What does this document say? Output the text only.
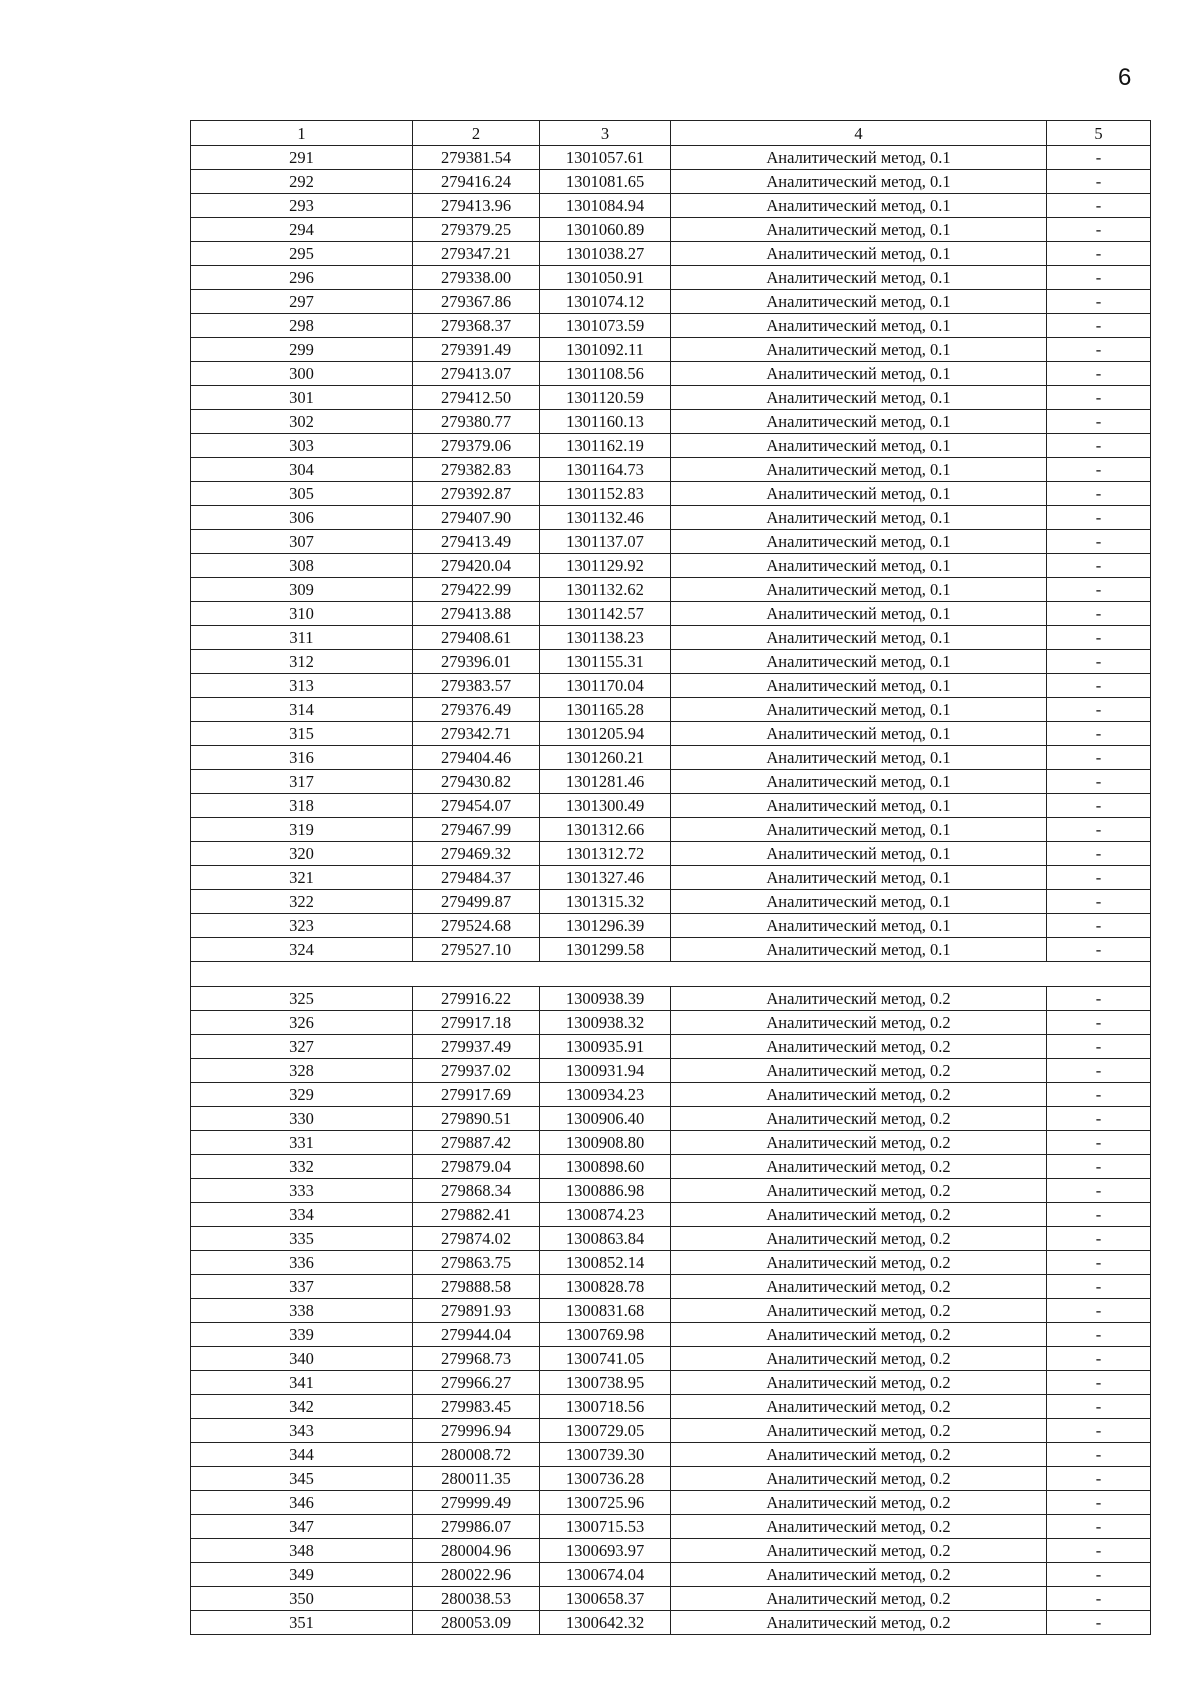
6
1	2	3	4	5
291	279381.54	1301057.61	Аналитический метод, 0.1	-
292	279416.24	1301081.65	Аналитический метод, 0.1	-
293	279413.96	1301084.94	Аналитический метод, 0.1	-
294	279379.25	1301060.89	Аналитический метод, 0.1	-
295	279347.21	1301038.27	Аналитический метод, 0.1	-
296	279338.00	1301050.91	Аналитический метод, 0.1	-
297	279367.86	1301074.12	Аналитический метод, 0.1	-
298	279368.37	1301073.59	Аналитический метод, 0.1	-
299	279391.49	1301092.11	Аналитический метод, 0.1	-
300	279413.07	1301108.56	Аналитический метод, 0.1	-
301	279412.50	1301120.59	Аналитический метод, 0.1	-
302	279380.77	1301160.13	Аналитический метод, 0.1	-
303	279379.06	1301162.19	Аналитический метод, 0.1	-
304	279382.83	1301164.73	Аналитический метод, 0.1	-
305	279392.87	1301152.83	Аналитический метод, 0.1	-
306	279407.90	1301132.46	Аналитический метод, 0.1	-
307	279413.49	1301137.07	Аналитический метод, 0.1	-
308	279420.04	1301129.92	Аналитический метод, 0.1	-
309	279422.99	1301132.62	Аналитический метод, 0.1	-
310	279413.88	1301142.57	Аналитический метод, 0.1	-
311	279408.61	1301138.23	Аналитический метод, 0.1	-
312	279396.01	1301155.31	Аналитический метод, 0.1	-
313	279383.57	1301170.04	Аналитический метод, 0.1	-
314	279376.49	1301165.28	Аналитический метод, 0.1	-
315	279342.71	1301205.94	Аналитический метод, 0.1	-
316	279404.46	1301260.21	Аналитический метод, 0.1	-
317	279430.82	1301281.46	Аналитический метод, 0.1	-
318	279454.07	1301300.49	Аналитический метод, 0.1	-
319	279467.99	1301312.66	Аналитический метод, 0.1	-
320	279469.32	1301312.72	Аналитический метод, 0.1	-
321	279484.37	1301327.46	Аналитический метод, 0.1	-
322	279499.87	1301315.32	Аналитический метод, 0.1	-
323	279524.68	1301296.39	Аналитический метод, 0.1	-
324	279527.10	1301299.58	Аналитический метод, 0.1	-

325	279916.22	1300938.39	Аналитический метод, 0.2	-
326	279917.18	1300938.32	Аналитический метод, 0.2	-
327	279937.49	1300935.91	Аналитический метод, 0.2	-
328	279937.02	1300931.94	Аналитический метод, 0.2	-
329	279917.69	1300934.23	Аналитический метод, 0.2	-
330	279890.51	1300906.40	Аналитический метод, 0.2	-
331	279887.42	1300908.80	Аналитический метод, 0.2	-
332	279879.04	1300898.60	Аналитический метод, 0.2	-
333	279868.34	1300886.98	Аналитический метод, 0.2	-
334	279882.41	1300874.23	Аналитический метод, 0.2	-
335	279874.02	1300863.84	Аналитический метод, 0.2	-
336	279863.75	1300852.14	Аналитический метод, 0.2	-
337	279888.58	1300828.78	Аналитический метод, 0.2	-
338	279891.93	1300831.68	Аналитический метод, 0.2	-
339	279944.04	1300769.98	Аналитический метод, 0.2	-
340	279968.73	1300741.05	Аналитический метод, 0.2	-
341	279966.27	1300738.95	Аналитический метод, 0.2	-
342	279983.45	1300718.56	Аналитический метод, 0.2	-
343	279996.94	1300729.05	Аналитический метод, 0.2	-
344	280008.72	1300739.30	Аналитический метод, 0.2	-
345	280011.35	1300736.28	Аналитический метод, 0.2	-
346	279999.49	1300725.96	Аналитический метод, 0.2	-
347	279986.07	1300715.53	Аналитический метод, 0.2	-
348	280004.96	1300693.97	Аналитический метод, 0.2	-
349	280022.96	1300674.04	Аналитический метод, 0.2	-
350	280038.53	1300658.37	Аналитический метод, 0.2	-
351	280053.09	1300642.32	Аналитический метод, 0.2	-
